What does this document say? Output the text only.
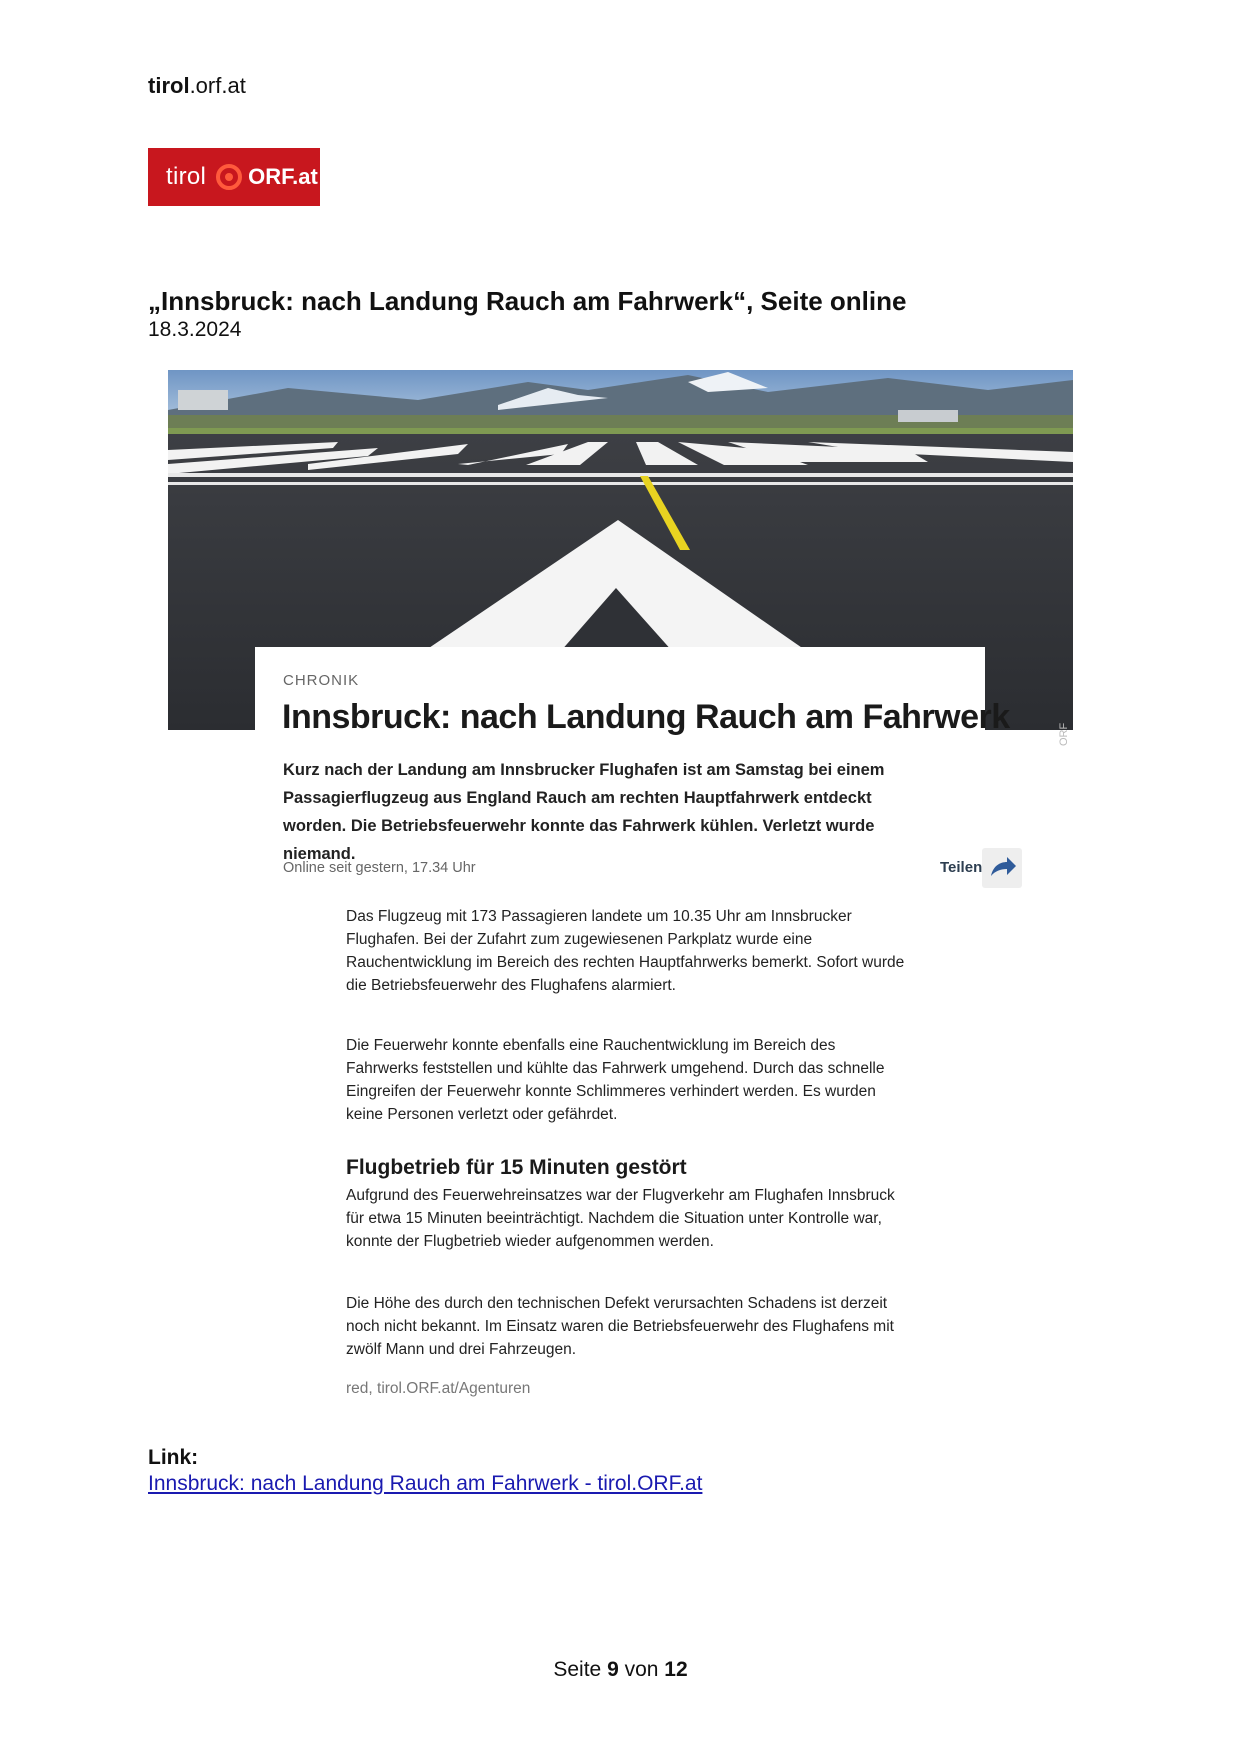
tirol.orf.at
tirol ORF.at
„Innsbruck: nach Landung Rauch am Fahrwerk“, Seite online
18.3.2024
CHRONIK
Innsbruck: nach Landung Rauch am Fahrwerk	ORF
Kurz nach der Landung am Innsbrucker Flughafen ist am Samstag bei einem Passagierflugzeug aus England Rauch am rechten Hauptfahrwerk entdeckt worden. Die Betriebsfeuerwehr konnte das Fahrwerk kühlen. Verletzt wurde niemand.
Online seit gestern, 17.34 Uhr	Teilen
Das Flugzeug mit 173 Passagieren landete um 10.35 Uhr am Innsbrucker Flughafen. Bei der Zufahrt zum zugewiesenen Parkplatz wurde eine Rauchentwicklung im Bereich des rechten Hauptfahrwerks bemerkt. Sofort wurde die Betriebsfeuerwehr des Flughafens alarmiert.
Die Feuerwehr konnte ebenfalls eine Rauchentwicklung im Bereich des Fahrwerks feststellen und kühlte das Fahrwerk umgehend. Durch das schnelle Eingreifen der Feuerwehr konnte Schlimmeres verhindert werden. Es wurden keine Personen verletzt oder gefährdet.
Flugbetrieb für 15 Minuten gestört
Aufgrund des Feuerwehreinsatzes war der Flugverkehr am Flughafen Innsbruck für etwa 15 Minuten beeinträchtigt. Nachdem die Situation unter Kontrolle war, konnte der Flugbetrieb wieder aufgenommen werden.
Die Höhe des durch den technischen Defekt verursachten Schadens ist derzeit noch nicht bekannt. Im Einsatz waren die Betriebsfeuerwehr des Flughafens mit zwölf Mann und drei Fahrzeugen.
red, tirol.ORF.at/Agenturen
Link:
Innsbruck: nach Landung Rauch am Fahrwerk - tirol.ORF.at
Seite 9 von 12
